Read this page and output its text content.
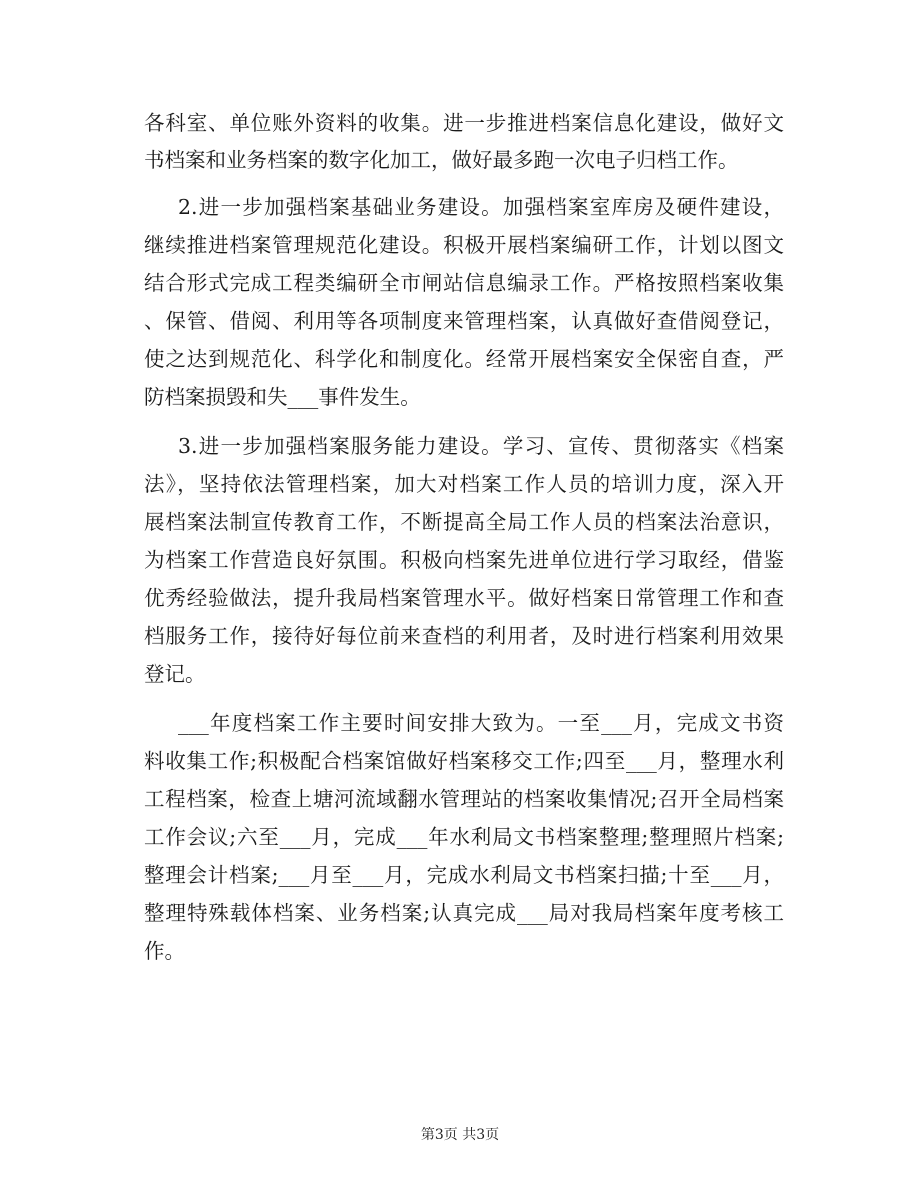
各科室、单位账外资料的收集。进一步推进档案信息化建设，做好文
书档案和业务档案的数字化加工，做好最多跑一次电子归档工作。
2.进一步加强档案基础业务建设。加强档案室库房及硬件建设，
继续推进档案管理规范化建设。积极开展档案编研工作，计划以图文
结合形式完成工程类编研全市闸站信息编录工作。严格按照档案收集
、保管、借阅、利用等各项制度来管理档案，认真做好查借阅登记，
使之达到规范化、科学化和制度化。经常开展档案安全保密自查，严
防档案损毁和失___事件发生。
3.进一步加强档案服务能力建设。学习、宣传、贯彻落实《档案
法》，坚持依法管理档案，加大对档案工作人员的培训力度，深入开
展档案法制宣传教育工作，不断提高全局工作人员的档案法治意识，
为档案工作营造良好氛围。积极向档案先进单位进行学习取经，借鉴
优秀经验做法，提升我局档案管理水平。做好档案日常管理工作和查
档服务工作，接待好每位前来查档的利用者，及时进行档案利用效果
登记。
___年度档案工作主要时间安排大致为。一至___月，完成文书资
料收集工作;积极配合档案馆做好档案移交工作;四至___月，整理水利
工程档案，检查上塘河流域翻水管理站的档案收集情况;召开全局档案
工作会议;六至___月，完成___年水利局文书档案整理;整理照片档案;
整理会计档案;___月至___月，完成水利局文书档案扫描;十至___月，
整理特殊载体档案、业务档案;认真完成___局对我局档案年度考核工
作。
第3页 共3页
